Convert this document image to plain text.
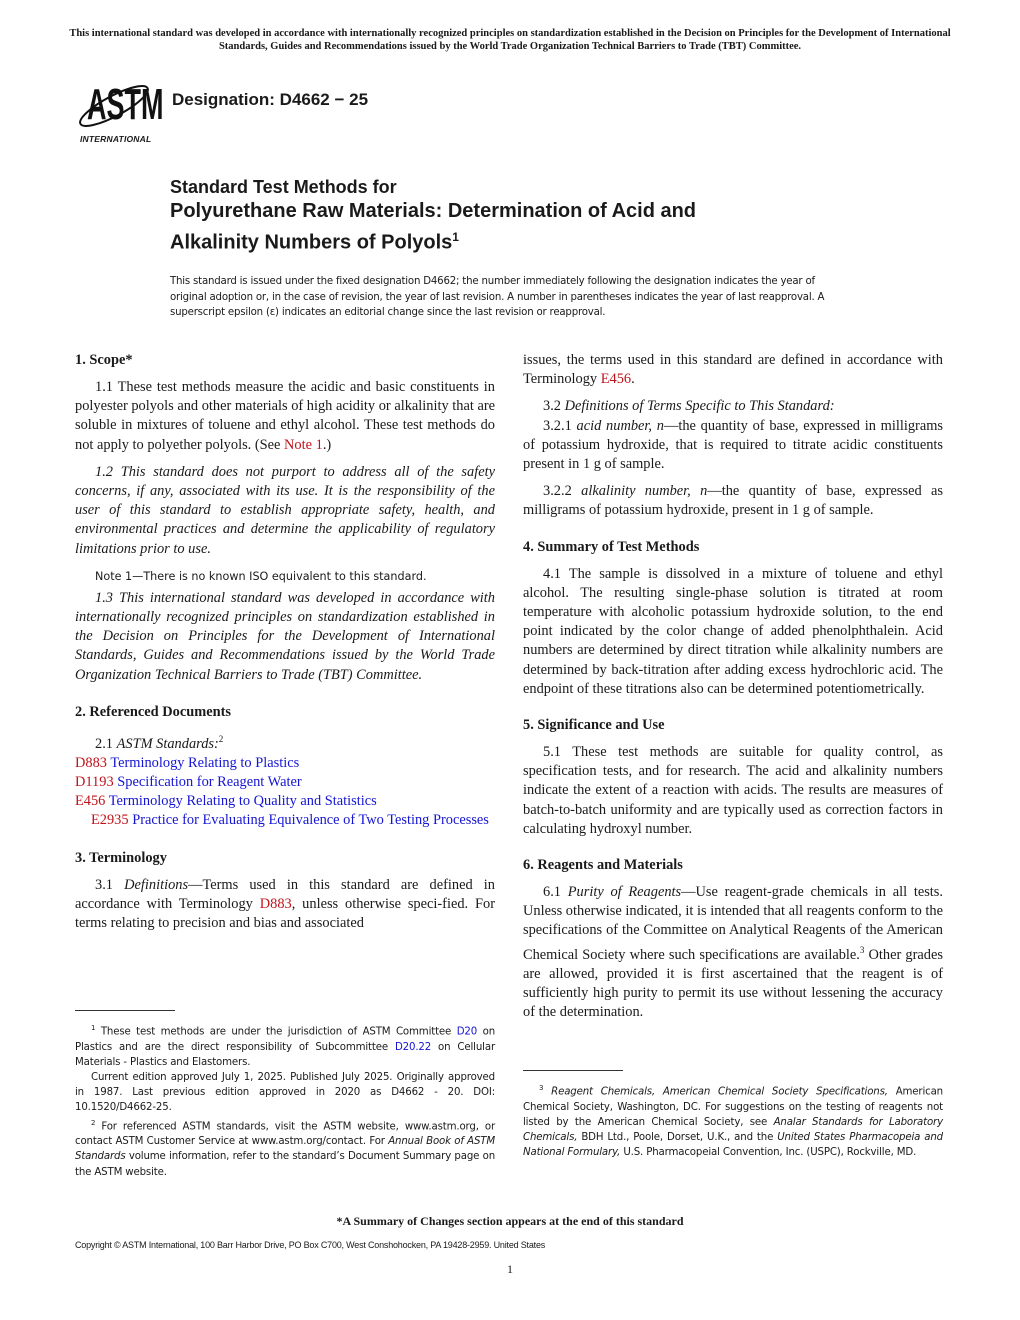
This international standard was developed in accordance with internationally recognized principles on standardization established in the Decision on Principles for the Development of International Standards, Guides and Recommendations issued by the World Trade Organization Technical Barriers to Trade (TBT) Committee.
ASTM
INTERNATIONAL
Designation: D4662 − 25
Standard Test Methods for
Polyurethane Raw Materials: Determination of Acid and
Alkalinity Numbers of Polyols$^1$
This standard is issued under the fixed designation D4662; the number immediately following the designation indicates the year of original adoption or, in the case of revision, the year of last revision. A number in parentheses indicates the year of last reapproval. A superscript epsilon (ε) indicates an editorial change since the last revision or reapproval.
1. Scope*

1.1 These test methods measure the acidic and basic constituents in polyester polyols and other materials of high acidity or alkalinity that are soluble in mixtures of toluene and ethyl alcohol. These test methods do not apply to polyether polyols. (See Note 1.)

1.2 This standard does not purport to address all of the safety concerns, if any, associated with its use. It is the responsibility of the user of this standard to establish appropriate safety, health, and environmental practices and determine the applicability of regulatory limitations prior to use.

Note 1—There is no known ISO equivalent to this standard.

1.3 This international standard was developed in accordance with internationally recognized principles on standardization established in the Decision on Principles for the Development of International Standards, Guides and Recommendations issued by the World Trade Organization Technical Barriers to Trade (TBT) Committee.

2. Referenced Documents

2.1 ASTM Standards:$^2$

D883 Terminology Relating to Plastics
D1193 Specification for Reagent Water
E456 Terminology Relating to Quality and Statistics
E2935 Practice for Evaluating Equivalence of Two Testing Processes
3. Terminology

3.1 Definitions—Terms used in this standard are defined in accordance with Terminology D883, unless otherwise speci-fied. For terms relating to precision and bias and associated

$^1$ These test methods are under the jurisdiction of ASTM Committee D20 on Plastics and are the direct responsibility of Subcommittee D20.22 on Cellular Materials - Plastics and Elastomers.

Current edition approved July 1, 2025. Published July 2025. Originally approved in 1987. Last previous edition approved in 2020 as D4662 - 20. DOI: 10.1520/D4662-25.

$^2$ For referenced ASTM standards, visit the ASTM website, www.astm.org, or contact ASTM Customer Service at www.astm.org/contact. For Annual Book of ASTM Standards volume information, refer to the standard’s Document Summary page on the ASTM website.

issues, the terms used in this standard are defined in accordance with Terminology E456.

3.2 Definitions of Terms Specific to This Standard:

3.2.1 acid number, n—the quantity of base, expressed in milligrams of potassium hydroxide, that is required to titrate acidic constituents present in 1 g of sample.

3.2.2 alkalinity number, n—the quantity of base, expressed as milligrams of potassium hydroxide, present in 1 g of sample.

4. Summary of Test Methods

4.1 The sample is dissolved in a mixture of toluene and ethyl alcohol. The resulting single-phase solution is titrated at room temperature with alcoholic potassium hydroxide solution, to the end point indicated by the color change of added phenolphthalein. Acid numbers are determined by direct titration while alkalinity numbers are determined by back-titration after adding excess hydrochloric acid. The endpoint of these titrations also can be determined potentiometrically.

5. Significance and Use

5.1 These test methods are suitable for quality control, as specification tests, and for research. The acid and alkalinity numbers indicate the extent of a reaction with acids. The results are measures of batch-to-batch uniformity and are typically used as correction factors in calculating hydroxyl number.

6. Reagents and Materials

6.1 Purity of Reagents—Use reagent-grade chemicals in all tests. Unless otherwise indicated, it is intended that all reagents conform to the specifications of the Committee on Analytical Reagents of the American Chemical Society where such specifications are available.$^3$ Other grades are allowed, provided it is first ascertained that the reagent is of sufficiently high purity to permit its use without lessening the accuracy of the determination.

$^3$ Reagent Chemicals, American Chemical Society Specifications, American Chemical Society, Washington, DC. For suggestions on the testing of reagents not listed by the American Chemical Society, see Analar Standards for Laboratory Chemicals, BDH Ltd., Poole, Dorset, U.K., and the United States Pharmacopeia and National Formulary, U.S. Pharmacopeial Convention, Inc. (USPC), Rockville, MD.

*A Summary of Changes section appears at the end of this standard
Copyright © ASTM International, 100 Barr Harbor Drive, PO Box C700, West Conshohocken, PA 19428-2959. United States
1
